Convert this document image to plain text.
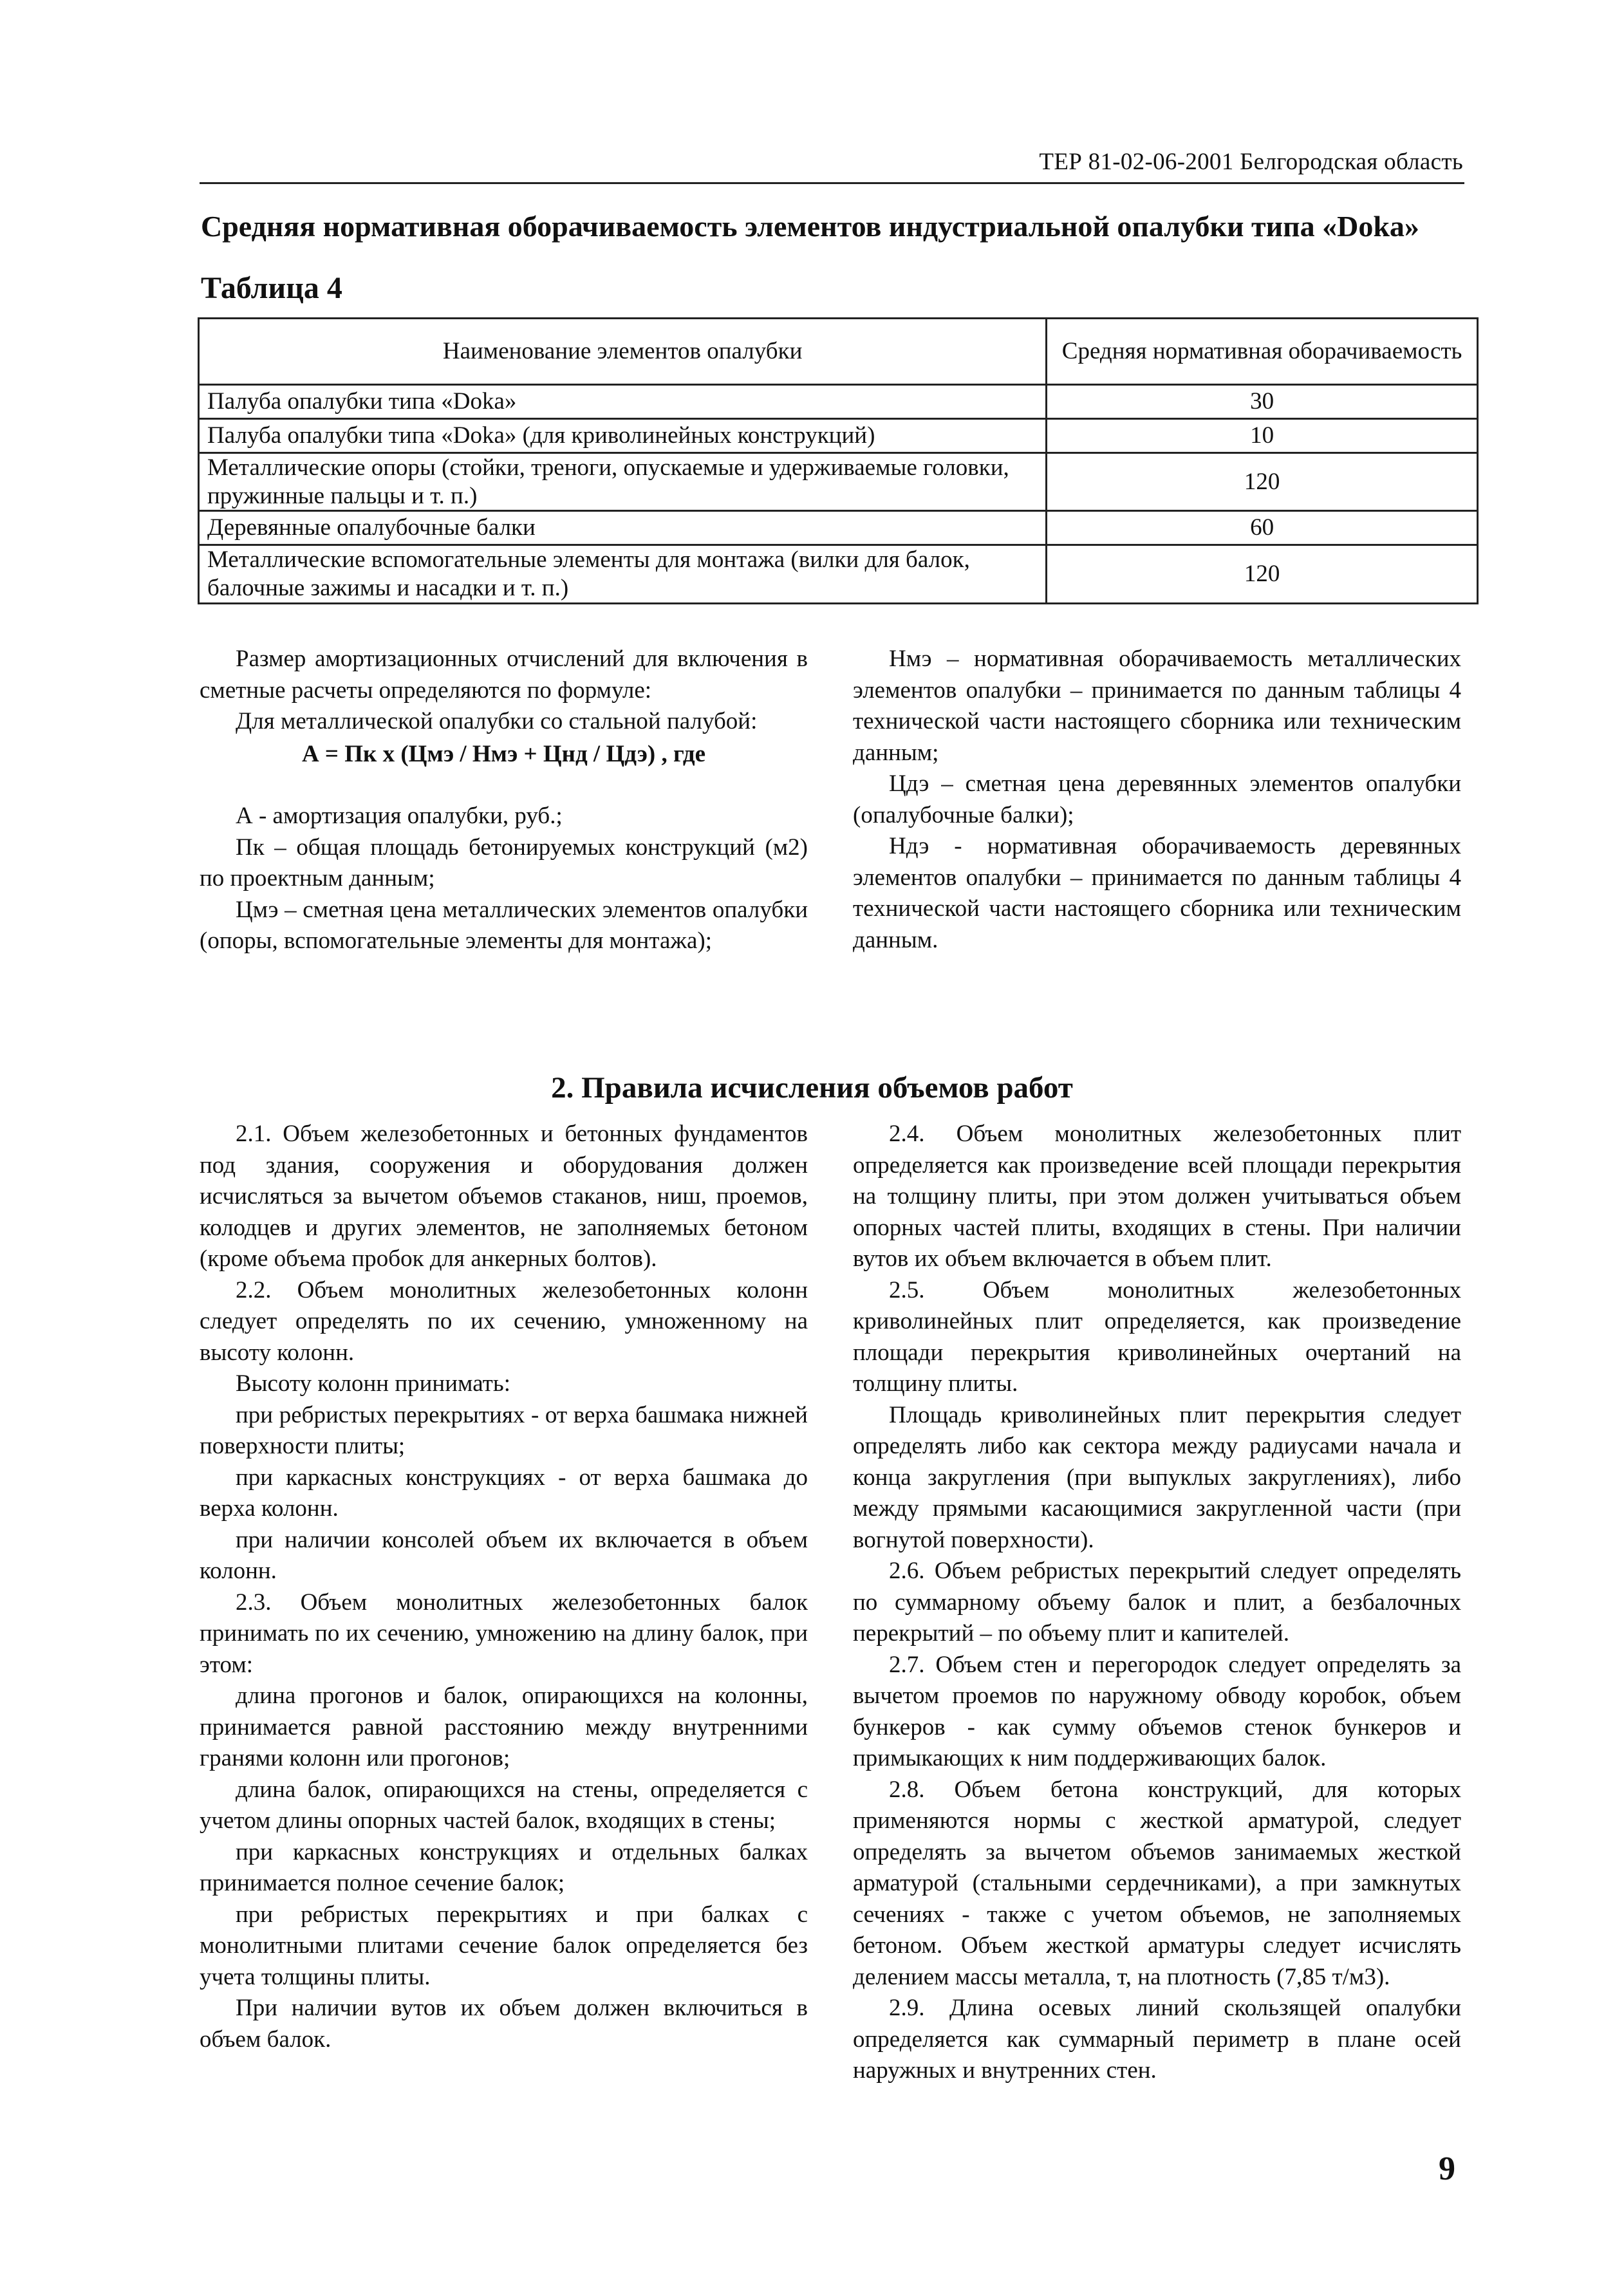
ТЕР 81-02-06-2001 Белгородская область
Средняя нормативная оборачиваемость элементов индустриальной опалубки типа «Doka»
Таблица 4
Наименование элементов опалубки	Средняя нормативная оборачиваемость
Палуба опалубки типа «Doka»	30
Палуба опалубки типа «Doka» (для криволинейных конструкций)	10
Металлические опоры (стойки, треноги, опускаемые и удерживаемые головки, пружинные пальцы и т. п.)	120
Деревянные опалубочные балки	60
Металлические вспомогательные элементы для монтажа (вилки для балок, балочные зажимы и насадки и т. п.)	120

Размер амортизационных отчислений для включения в сметные расчеты определяются по формуле:

Для металлической опалубки со стальной палубой:

А = Пк х (Цмэ / Нмэ + Цнд / Цдэ) , где

А - амортизация опалубки, руб.;

Пк – общая площадь бетонируемых конструкций (м2) по проектным данным;

Цмэ – сметная цена металлических элементов опалубки (опоры, вспомогательные элементы для монтажа);

Нмэ – нормативная оборачиваемость металлических элементов опалубки – принимается по данным таблицы 4 технической части настоящего сборника или техническим данным;

Цдэ – сметная цена деревянных элементов опалубки (опалубочные балки);

Ндэ - нормативная оборачиваемость деревянных элементов опалубки – принимается по данным таблицы 4 технической части настоящего сборника или техническим данным.

2. Правила исчисления объемов работ

2.1. Объем железобетонных и бетонных фундаментов под здания, сооружения и оборудования должен исчисляться за вычетом объемов стаканов, ниш, проемов, колодцев и других элементов, не заполняемых бетоном (кроме объема пробок для анкерных болтов).

2.2. Объем монолитных железобетонных колонн следует определять по их сечению, умноженному на высоту колонн.

Высоту колонн принимать:

при ребристых перекрытиях - от верха башмака нижней поверхности плиты;

при каркасных конструкциях - от верха башмака до верха колонн.

при наличии консолей объем их включается в объем колонн.

2.3. Объем монолитных железобетонных балок принимать по их сечению, умножению на длину балок, при этом:

длина прогонов и балок, опирающихся на колонны, принимается равной расстоянию между внутренними гранями колонн или прогонов;

длина балок, опирающихся на стены, определяется с учетом длины опорных частей балок, входящих в стены;

при каркасных конструкциях и отдельных балках принимается полное сечение балок;

при ребристых перекрытиях и при балках с монолитными плитами сечение балок определяется без учета толщины плиты.

При наличии вутов их объем должен включиться в объем балок.

2.4. Объем монолитных железобетонных плит определяется как произведение всей площади перекрытия на толщину плиты, при этом должен учитываться объем опорных частей плиты, входящих в стены. При наличии вутов их объем включается в объем плит.

2.5. Объем монолитных железобетонных криволинейных плит определяется, как произведение площади перекрытия криволинейных очертаний на толщину плиты.

Площадь криволинейных плит перекрытия следует определять либо как сектора между радиусами начала и конца закругления (при выпуклых закруглениях), либо между прямыми касающимися закругленной части (при вогнутой поверхности).

2.6. Объем ребристых перекрытий следует определять по суммарному объему балок и плит, а безбалочных перекрытий – по объему плит и капителей.

2.7. Объем стен и перегородок следует определять за вычетом проемов по наружному обводу коробок, объем бункеров - как сумму объемов стенок бункеров и примыкающих к ним поддерживающих балок.

2.8. Объем бетона конструкций, для которых применяются нормы с жесткой арматурой, следует определять за вычетом объемов занимаемых жесткой арматурой (стальными сердечниками), а при замкнутых сечениях - также с учетом объемов, не заполняемых бетоном. Объем жесткой арматуры следует исчислять делением массы металла, т, на плотность (7,85 т/м3).

2.9. Длина осевых линий скользящей опалубки определяется как суммарный периметр в плане осей наружных и внутренних стен.

9
